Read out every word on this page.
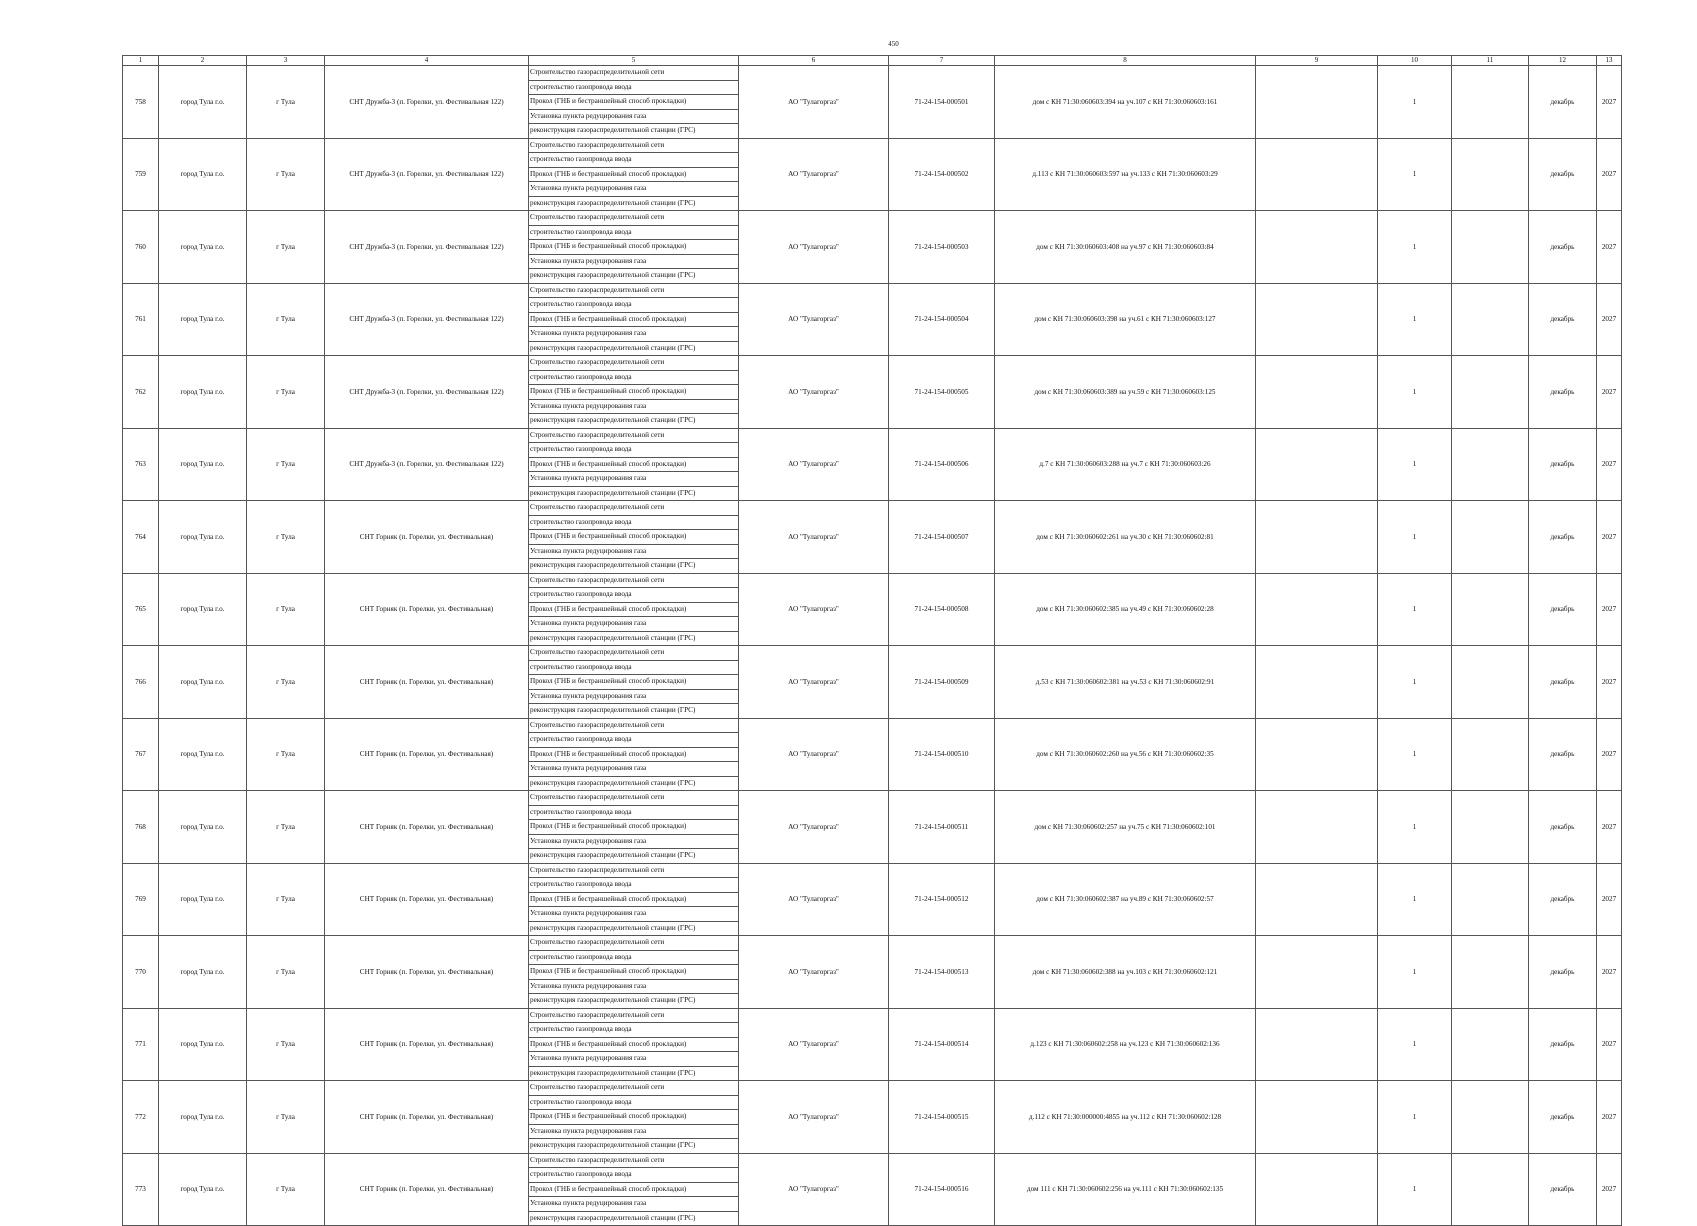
450
1	2	3	4	5	6	7	8	9	10	11	12	13
758	город Тула г.о.	г Тула	СНТ Дружба-3 (п. Горелки, ул. Фестивальная 122)	Строительство газораспределительной сети
строительство газопровода ввода
Прокол (ГНБ и бестраншейный способ прокладки)
Установка пункта редуцирования газа
реконструкция газораспределительной станции (ГРС)	АО "Тулагоргаз"	71-24-154-000501	дом с КН 71:30:060603:394 на уч.107 с КН 71:30:060603:161		1		декабрь	2027
759	город Тула г.о.	г Тула	СНТ Дружба-3 (п. Горелки, ул. Фестивальная 122)	Строительство газораспределительной сети
строительство газопровода ввода
Прокол (ГНБ и бестраншейный способ прокладки)
Установка пункта редуцирования газа
реконструкция газораспределительной станции (ГРС)	АО "Тулагоргаз"	71-24-154-000502	д.113 с КН 71:30:060603:597 на уч.133 с КН 71:30:060603:29		1		декабрь	2027
760	город Тула г.о.	г Тула	СНТ Дружба-3 (п. Горелки, ул. Фестивальная 122)	Строительство газораспределительной сети
строительство газопровода ввода
Прокол (ГНБ и бестраншейный способ прокладки)
Установка пункта редуцирования газа
реконструкция газораспределительной станции (ГРС)	АО "Тулагоргаз"	71-24-154-000503	дом с КН 71:30:060603:408 на уч.97 с КН 71:30:060603:84		1		декабрь	2027
761	город Тула г.о.	г Тула	СНТ Дружба-3 (п. Горелки, ул. Фестивальная 122)	Строительство газораспределительной сети
строительство газопровода ввода
Прокол (ГНБ и бестраншейный способ прокладки)
Установка пункта редуцирования газа
реконструкция газораспределительной станции (ГРС)	АО "Тулагоргаз"	71-24-154-000504	дом с КН 71:30:060603:398 на уч.61 с КН 71:30:060603:127		1		декабрь	2027
762	город Тула г.о.	г Тула	СНТ Дружба-3 (п. Горелки, ул. Фестивальная 122)	Строительство газораспределительной сети
строительство газопровода ввода
Прокол (ГНБ и бестраншейный способ прокладки)
Установка пункта редуцирования газа
реконструкция газораспределительной станции (ГРС)	АО "Тулагоргаз"	71-24-154-000505	дом с КН 71:30:060603:389 на уч.59 с КН 71:30:060603:125		1		декабрь	2027
763	город Тула г.о.	г Тула	СНТ Дружба-3 (п. Горелки, ул. Фестивальная 122)	Строительство газораспределительной сети
строительство газопровода ввода
Прокол (ГНБ и бестраншейный способ прокладки)
Установка пункта редуцирования газа
реконструкция газораспределительной станции (ГРС)	АО "Тулагоргаз"	71-24-154-000506	д.7 с КН 71:30:060603:288 на уч.7 с КН 71:30:060603:26		1		декабрь	2027
764	город Тула г.о.	г Тула	СНТ Горняк (п. Горелки, ул. Фестивальная)	Строительство газораспределительной сети
строительство газопровода ввода
Прокол (ГНБ и бестраншейный способ прокладки)
Установка пункта редуцирования газа
реконструкция газораспределительной станции (ГРС)	АО "Тулагоргаз"	71-24-154-000507	дом с КН 71:30:060602:261 на уч.30 с КН 71:30:060602:81		1		декабрь	2027
765	город Тула г.о.	г Тула	СНТ Горняк (п. Горелки, ул. Фестивальная)	Строительство газораспределительной сети
строительство газопровода ввода
Прокол (ГНБ и бестраншейный способ прокладки)
Установка пункта редуцирования газа
реконструкция газораспределительной станции (ГРС)	АО "Тулагоргаз"	71-24-154-000508	дом с КН 71:30:060602:385 на уч.49 с КН 71:30:060602:28		1		декабрь	2027
766	город Тула г.о.	г Тула	СНТ Горняк (п. Горелки, ул. Фестивальная)	Строительство газораспределительной сети
строительство газопровода ввода
Прокол (ГНБ и бестраншейный способ прокладки)
Установка пункта редуцирования газа
реконструкция газораспределительной станции (ГРС)	АО "Тулагоргаз"	71-24-154-000509	д.53 с КН 71:30:060602:381 на уч.53 с КН 71:30:060602:91		1		декабрь	2027
767	город Тула г.о.	г Тула	СНТ Горняк (п. Горелки, ул. Фестивальная)	Строительство газораспределительной сети
строительство газопровода ввода
Прокол (ГНБ и бестраншейный способ прокладки)
Установка пункта редуцирования газа
реконструкция газораспределительной станции (ГРС)	АО "Тулагоргаз"	71-24-154-000510	дом с КН 71:30:060602:260 на уч.56 с КН 71:30:060602:35		1		декабрь	2027
768	город Тула г.о.	г Тула	СНТ Горняк (п. Горелки, ул. Фестивальная)	Строительство газораспределительной сети
строительство газопровода ввода
Прокол (ГНБ и бестраншейный способ прокладки)
Установка пункта редуцирования газа
реконструкция газораспределительной станции (ГРС)	АО "Тулагоргаз"	71-24-154-000511	дом с КН 71:30:060602:257 на уч.75 с КН 71:30:060602:101		1		декабрь	2027
769	город Тула г.о.	г Тула	СНТ Горняк (п. Горелки, ул. Фестивальная)	Строительство газораспределительной сети
строительство газопровода ввода
Прокол (ГНБ и бестраншейный способ прокладки)
Установка пункта редуцирования газа
реконструкция газораспределительной станции (ГРС)	АО "Тулагоргаз"	71-24-154-000512	дом с КН 71:30:060602:387 на уч.89 с КН 71:30:060602:57		1		декабрь	2027
770	город Тула г.о.	г Тула	СНТ Горняк (п. Горелки, ул. Фестивальная)	Строительство газораспределительной сети
строительство газопровода ввода
Прокол (ГНБ и бестраншейный способ прокладки)
Установка пункта редуцирования газа
реконструкция газораспределительной станции (ГРС)	АО "Тулагоргаз"	71-24-154-000513	дом с КН 71:30:060602:388 на уч.103 с КН 71:30:060602:121		1		декабрь	2027
771	город Тула г.о.	г Тула	СНТ Горняк (п. Горелки, ул. Фестивальная)	Строительство газораспределительной сети
строительство газопровода ввода
Прокол (ГНБ и бестраншейный способ прокладки)
Установка пункта редуцирования газа
реконструкция газораспределительной станции (ГРС)	АО "Тулагоргаз"	71-24-154-000514	д.123 с КН 71:30:060602:258 на уч.123 с КН 71:30:060602:136		1		декабрь	2027
772	город Тула г.о.	г Тула	СНТ Горняк (п. Горелки, ул. Фестивальная)	Строительство газораспределительной сети
строительство газопровода ввода
Прокол (ГНБ и бестраншейный способ прокладки)
Установка пункта редуцирования газа
реконструкция газораспределительной станции (ГРС)	АО "Тулагоргаз"	71-24-154-000515	д.112 с КН 71:30:000000:4855 на уч.112 с КН 71:30:060602:128		1		декабрь	2027
773	город Тула г.о.	г Тула	СНТ Горняк (п. Горелки, ул. Фестивальная)	Строительство газораспределительной сети
строительство газопровода ввода
Прокол (ГНБ и бестраншейный способ прокладки)
Установка пункта редуцирования газа
реконструкция газораспределительной станции (ГРС)	АО "Тулагоргаз"	71-24-154-000516	дом 111 с КН 71:30:060602:256 на уч.111 с КН 71:30:060602:135		1		декабрь	2027
